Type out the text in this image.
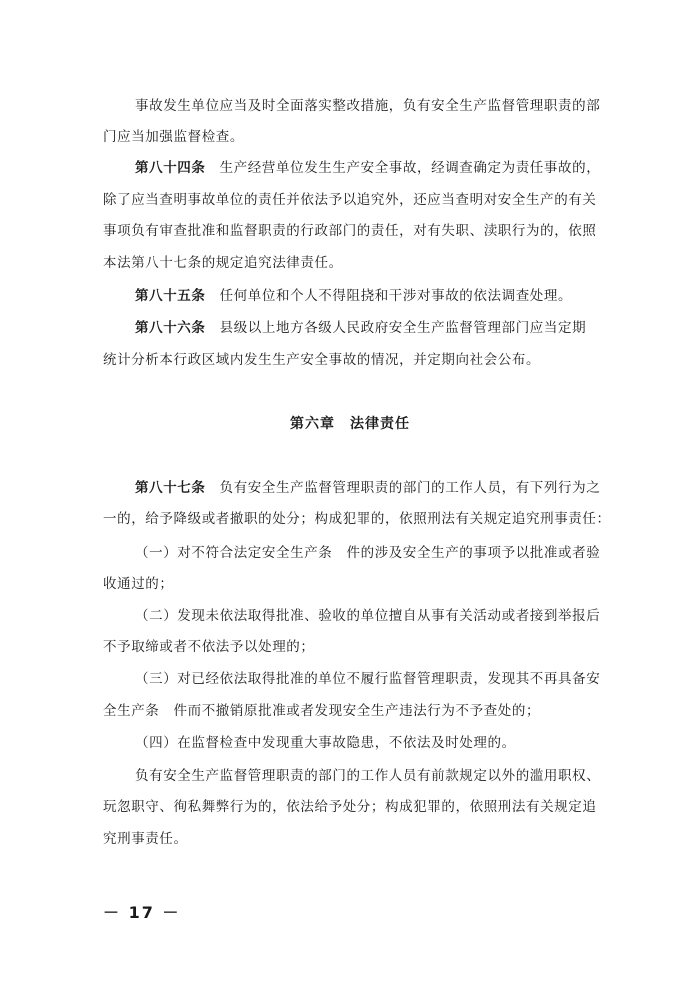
事故发生单位应当及时全面落实整改措施，负有安全生产监督管理职责的部
门应当加强监督检查。
第八十四条　 生产经营单位发生生产安全事故，经调查确定为责任事故的，
除了应当查明事故单位的责任并依法予以追究外，还应当查明对安全生产的有关
事项负有审查批准和监督职责的行政部门的责任，对有失职、渎职行为的，依照
本法第八十七条的规定追究法律责任。
第八十五条　 任何单位和个人不得阻挠和干涉对事故的依法调查处理。
第八十六条　 县级以上地方各级人民政府安全生产监督管理部门应当定期
统计分析本行政区域内发生生产安全事故的情况，并定期向社会公布。
第六章　法律责任
第八十七条　 负有安全生产监督管理职责的部门的工作人员，有下列行为之
一的，给予降级或者撤职的处分；构成犯罪的，依照刑法有关规定追究刑事责任：
（一）对不符合法定安全生产条　件的涉及安全生产的事项予以批准或者验
收通过的；
（二）发现未依法取得批准、验收的单位擅自从事有关活动或者接到举报后
不予取缔或者不依法予以处理的；
（三）对已经依法取得批准的单位不履行监督管理职责，发现其不再具备安
全生产条　件而不撤销原批准或者发现安全生产违法行为不予查处的；
（四）在监督检查中发现重大事故隐患，不依法及时处理的。
负有安全生产监督管理职责的部门的工作人员有前款规定以外的滥用职权、
玩忽职守、徇私舞弊行为的，依法给予处分；构成犯罪的，依照刑法有关规定追
究刑事责任。
－ 17 －
